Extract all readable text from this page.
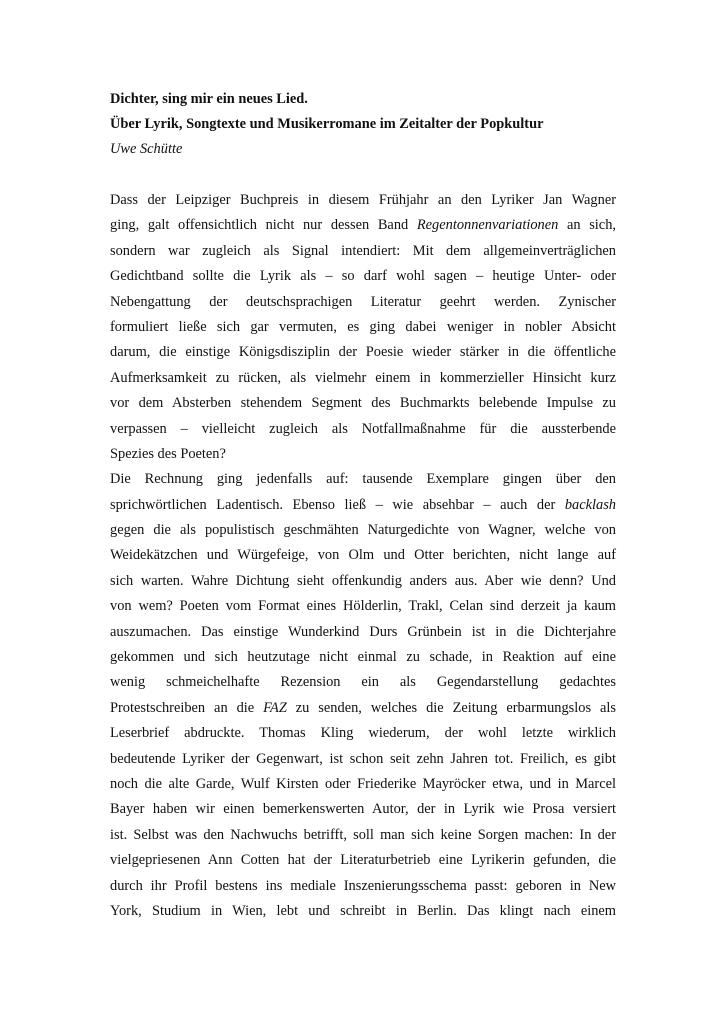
Dichter, sing mir ein neues Lied.

Über Lyrik, Songtexte und Musikerromane im Zeitalter der Popkultur

Uwe Schütte

Dass der Leipziger Buchpreis in diesem Frühjahr an den Lyriker Jan Wagner
ging, galt offensichtlich nicht nur dessen Band Regentonnenvariationen an sich,
sondern war zugleich als Signal intendiert: Mit dem allgemeinverträglichen
Gedichtband sollte die Lyrik als – so darf wohl sagen – heutige Unter- oder
Nebengattung der deutschsprachigen Literatur geehrt werden. Zynischer
formuliert ließe sich gar vermuten, es ging dabei weniger in nobler Absicht
darum, die einstige Königsdisziplin der Poesie wieder stärker in die öffentliche
Aufmerksamkeit zu rücken, als vielmehr einem in kommerzieller Hinsicht kurz
vor dem Absterben stehendem Segment des Buchmarkts belebende Impulse zu
verpassen – vielleicht zugleich als Notfallmaßnahme für die aussterbende
Spezies des Poeten?
Die Rechnung ging jedenfalls auf: tausende Exemplare gingen über den
sprichwörtlichen Ladentisch. Ebenso ließ – wie absehbar – auch der backlash
gegen die als populistisch geschmähten Naturgedichte von Wagner, welche von
Weidekätzchen und Würgefeige, von Olm und Otter berichten, nicht lange auf
sich warten. Wahre Dichtung sieht offenkundig anders aus. Aber wie denn? Und
von wem? Poeten vom Format eines Hölderlin, Trakl, Celan sind derzeit ja kaum
auszumachen. Das einstige Wunderkind Durs Grünbein ist in die Dichterjahre
gekommen und sich heutzutage nicht einmal zu schade, in Reaktion auf eine
wenig schmeichelhafte Rezension ein als Gegendarstellung gedachtes
Protestschreiben an die FAZ zu senden, welches die Zeitung erbarmungslos als
Leserbrief abdruckte. Thomas Kling wiederum, der wohl letzte wirklich
bedeutende Lyriker der Gegenwart, ist schon seit zehn Jahren tot. Freilich, es gibt
noch die alte Garde, Wulf Kirsten oder Friederike Mayröcker etwa, und in Marcel
Bayer haben wir einen bemerkenswerten Autor, der in Lyrik wie Prosa versiert
ist. Selbst was den Nachwuchs betrifft, soll man sich keine Sorgen machen: In der
vielgepriesenen Ann Cotten hat der Literaturbetrieb eine Lyrikerin gefunden, die
durch ihr Profil bestens ins mediale Inszenierungsschema passt: geboren in New
York, Studium in Wien, lebt und schreibt in Berlin. Das klingt nach einem
